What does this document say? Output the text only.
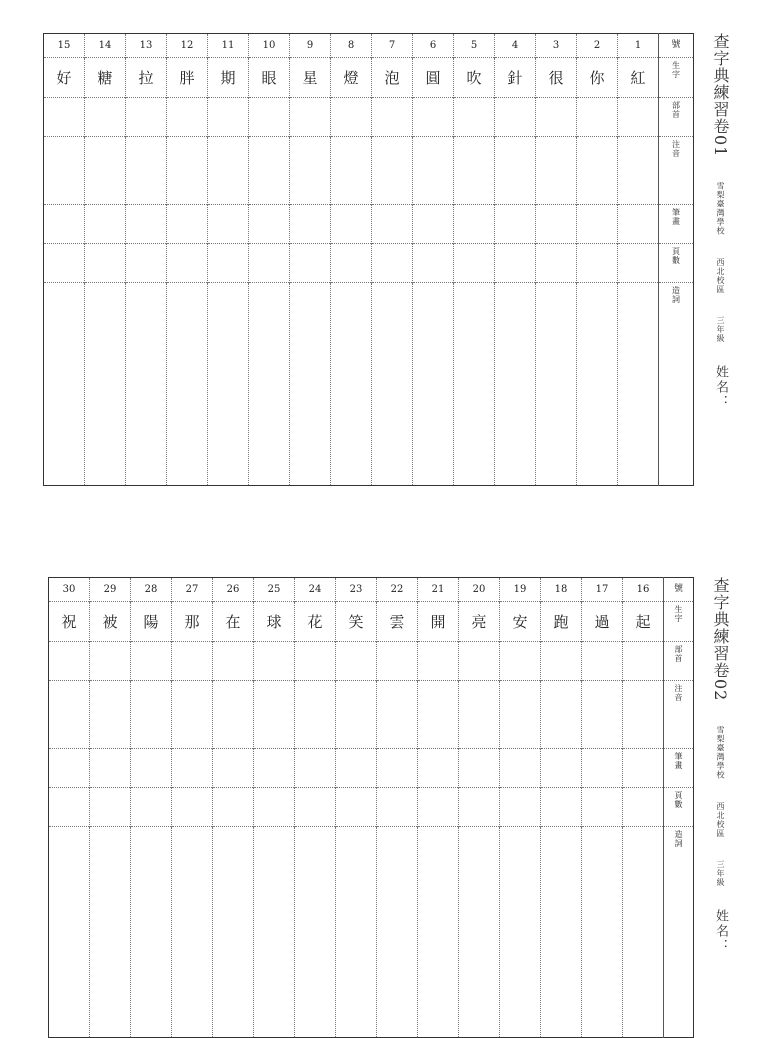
15	14	13	12	11	10	9	8	7	6	5	4	3	2	1	號
好	糖	拉	胖	期	眼	星	燈	泡	圓	吹	針	很	你	紅	生
字
															部
首
															注
音
															筆
畫
															頁
數
															造
詞
查字典練習卷01  雪梨臺灣學校  西北校區  三年級  姓名：
30	29	28	27	26	25	24	23	22	21	20	19	18	17	16	號
祝	被	陽	那	在	球	花	笑	雲	開	亮	安	跑	過	起	生
字
															部
首
															注
音
															筆
畫
															頁
數
															造
詞
查字典練習卷02  雪梨臺灣學校  西北校區  三年級  姓名：
